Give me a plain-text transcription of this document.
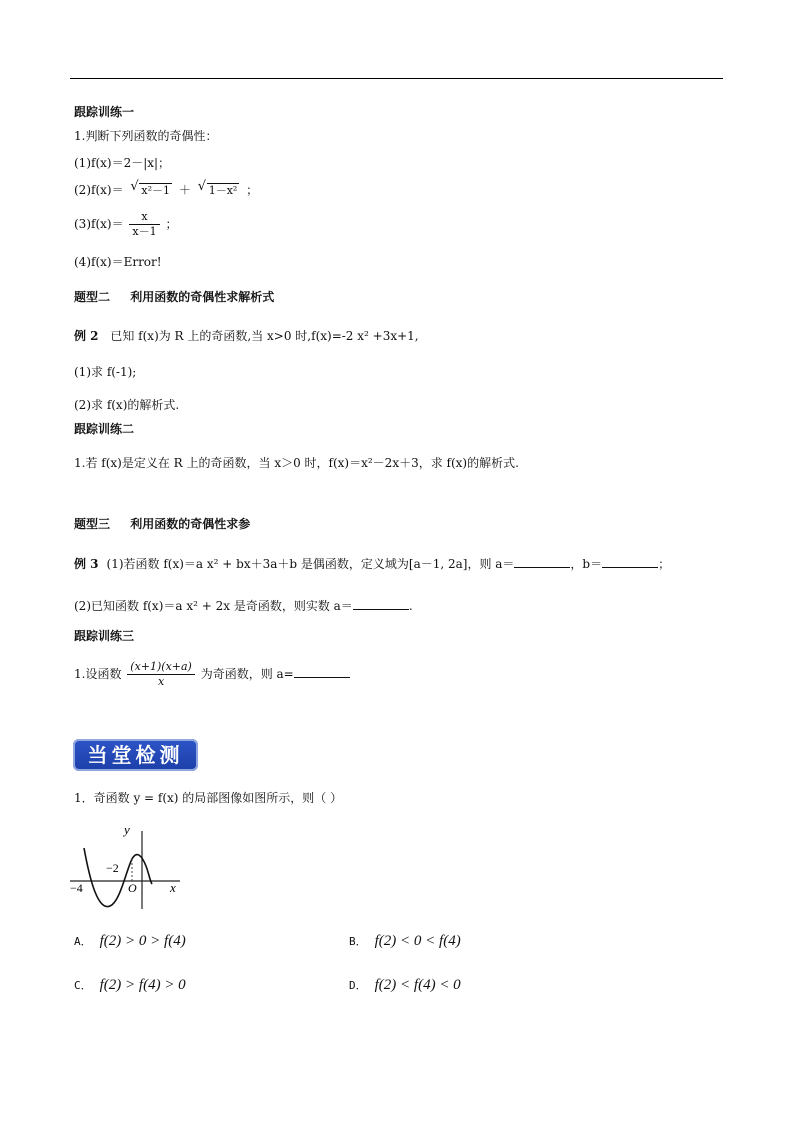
跟踪训练一
1.判断下列函数的奇偶性：
(1)f(x)＝2－|x|；
(2)f(x)＝ √ x²－1 ＋ √ 1－x² ；
$(3)f(x)= \frac{x}{x-1}$ ；
(4)f(x)＝Error!
题型二 利用函数的奇偶性求解析式
例 2 已知 f(x)为 R 上的奇函数,当 x>0 时,f(x)=-2 x² +3x+1,
(1)求 f(-1);
(2)求 f(x)的解析式.
跟踪训练二
1.若 f(x)是定义在 R 上的奇函数，当 x＞0 时，f(x)＝x²－2x＋3，求 f(x)的解析式.
题型三 利用函数的奇偶性求参
例 3 (1)若函数 f(x)＝a x² + bx＋3a＋b 是偶函数，定义域为[a－1, 2a]，则 a＝	，b＝	；
(2)已知函数 f(x)＝a x² + 2x 是奇函数，则实数 a＝	.
跟踪训练三
1.设函数 $\frac{(x+1)(x+a)}{x}$ 为奇函数，则 a=
当堂检测
1．奇函数 y = f(x) 的局部图像如图所示，则（ ）
y
x
O
−2
−4
A． f(2) > 0 > f(4)	B． f(2) < 0 < f(4)
C． f(2) > f(4) > 0	D． f(2) < f(4) < 0
